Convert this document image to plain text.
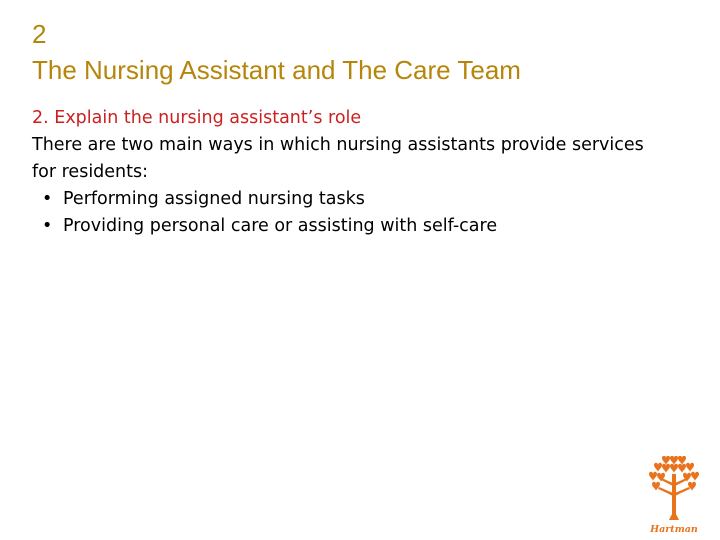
2
The Nursing Assistant and The Care Team
2. Explain the nursing assistant’s role

There are two main ways in which nursing assistants provide services for residents:

• Performing assigned nursing tasks
• Providing personal care or assisting with self-care
Hartman
